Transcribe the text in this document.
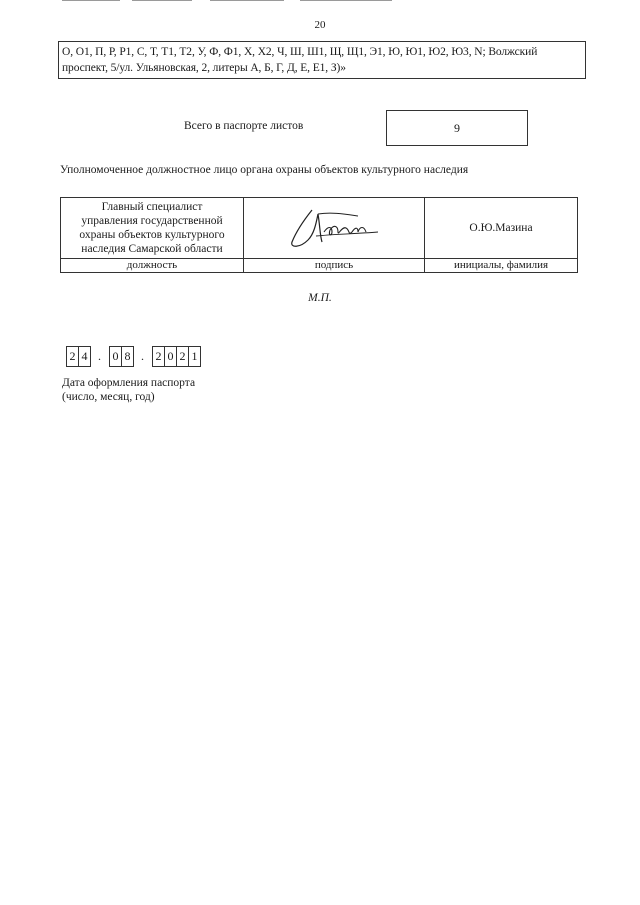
20
О, О1, П, Р, Р1, С, Т, Т1, Т2, У, Ф, Ф1, Х, Х2, Ч, Ш, Ш1, Щ, Щ1, Э1, Ю, Ю1, Ю2, Ю3, N; Волжский проспект, 5/ул. Ульяновская, 2, литеры А, Б, Г, Д, Е, Е1, З)»
Всего в паспорте листов	9
Уполномоченное должностное лицо органа охраны объектов культурного наследия
Главный специалист
управления государственной
охраны объектов культурного
наследия Самарской области		О.Ю.Мазина
должность	подпись	инициалы, фамилия
М.П.
2 4 . 0 8 . 2 0 2 1
Дата оформления паспорта
(число, месяц, год)
